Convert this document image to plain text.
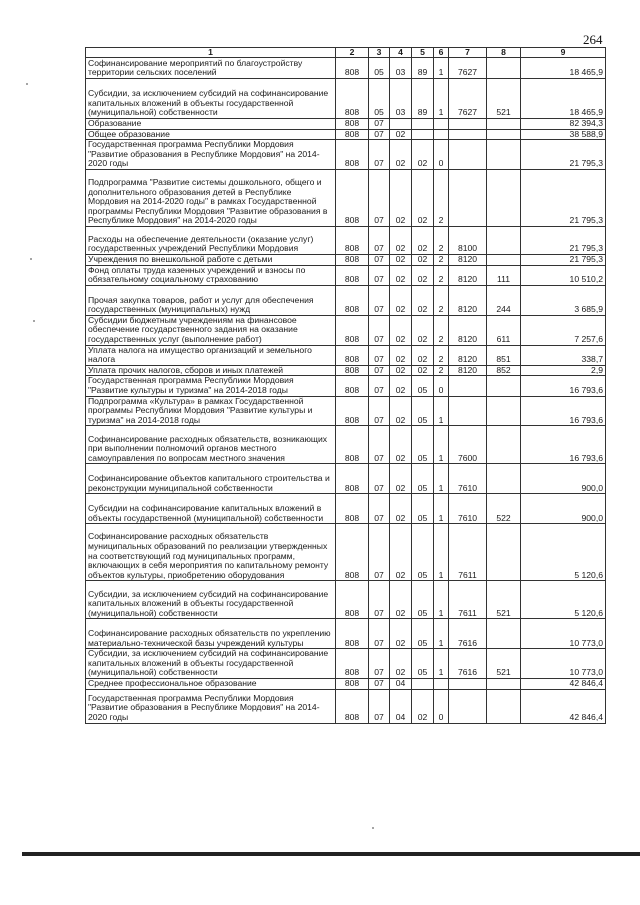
264
1	2	3	4	5	6	7	8	9
Софинансирование мероприятий по благоустройству территории сельских поселений	808	05	03	89	1	7627		18 465,9
Субсидии, за исключением субсидий на софинансирование капитальных вложений в объекты государственной (муниципальной) собственности	808	05	03	89	1	7627	521	18 465,9
Образование	808	07						82 394,3
Общее образование	808	07	02					38 588,9
Государственная программа Республики Мордовия "Развитие образования в Республике Мордовия" на 2014-2020 годы	808	07	02	02	0			21 795,3
Подпрограмма "Развитие системы дошкольного, общего и дополнительного образования детей в Республике Мордовия на 2014-2020 годы" в рамках Государственной программы Республики Мордовия "Развитие образования в Республике Мордовия" на 2014-2020 годы	808	07	02	02	2			21 795,3
Расходы на обеспечение деятельности (оказание услуг) государственных учреждений Республики Мордовия	808	07	02	02	2	8100		21 795,3
Учреждения по внешкольной работе с детьми	808	07	02	02	2	8120		21 795,3
Фонд оплаты труда казенных учреждений и взносы по обязательному социальному страхованию	808	07	02	02	2	8120	111	10 510,2
Прочая закупка товаров, работ и услуг для обеспечения государственных (муниципальных) нужд	808	07	02	02	2	8120	244	3 685,9
Субсидии бюджетным учреждениям на финансовое обеспечение государственного задания на оказание государственных услуг (выполнение работ)	808	07	02	02	2	8120	611	7 257,6
Уплата налога на имущество организаций и земельного налога	808	07	02	02	2	8120	851	338,7
Уплата прочих налогов, сборов и иных платежей	808	07	02	02	2	8120	852	2,9
Государственная программа Республики Мордовия "Развитие культуры и туризма" на 2014-2018 годы	808	07	02	05	0			16 793,6
Подпрограмма «Культура» в рамках Государственной программы Республики Мордовия "Развитие культуры и туризма" на 2014-2018 годы	808	07	02	05	1			16 793,6
Софинансирование расходных обязательств, возникающих при выполнении полномочий органов местного самоуправления по вопросам местного значения	808	07	02	05	1	7600		16 793,6
Софинансирование объектов капитального строительства и реконструкции муниципальной собственности	808	07	02	05	1	7610		900,0
Субсидии на софинансирование капитальных вложений в объекты государственной (муниципальной) собственности	808	07	02	05	1	7610	522	900,0
Софинансирование расходных обязательств муниципальных образований по реализации утвержденных на соответствующий год муниципальных программ, включающих в себя мероприятия по капитальному ремонту объектов культуры, приобретению оборудования	808	07	02	05	1	7611		5 120,6
Субсидии, за исключением субсидий на софинансирование капитальных вложений в объекты государственной (муниципальной) собственности	808	07	02	05	1	7611	521	5 120,6
Софинансирование расходных обязательств по укреплению материально-технической базы учреждений культуры	808	07	02	05	1	7616		10 773,0
Субсидии, за исключением субсидий на софинансирование капитальных вложений в объекты государственной (муниципальной) собственности	808	07	02	05	1	7616	521	10 773,0
Среднее профессиональное образование	808	07	04					42 846,4
Государственная программа Республики Мордовия "Развитие образования в Республике Мордовия" на 2014-2020 годы	808	07	04	02	0			42 846,4
